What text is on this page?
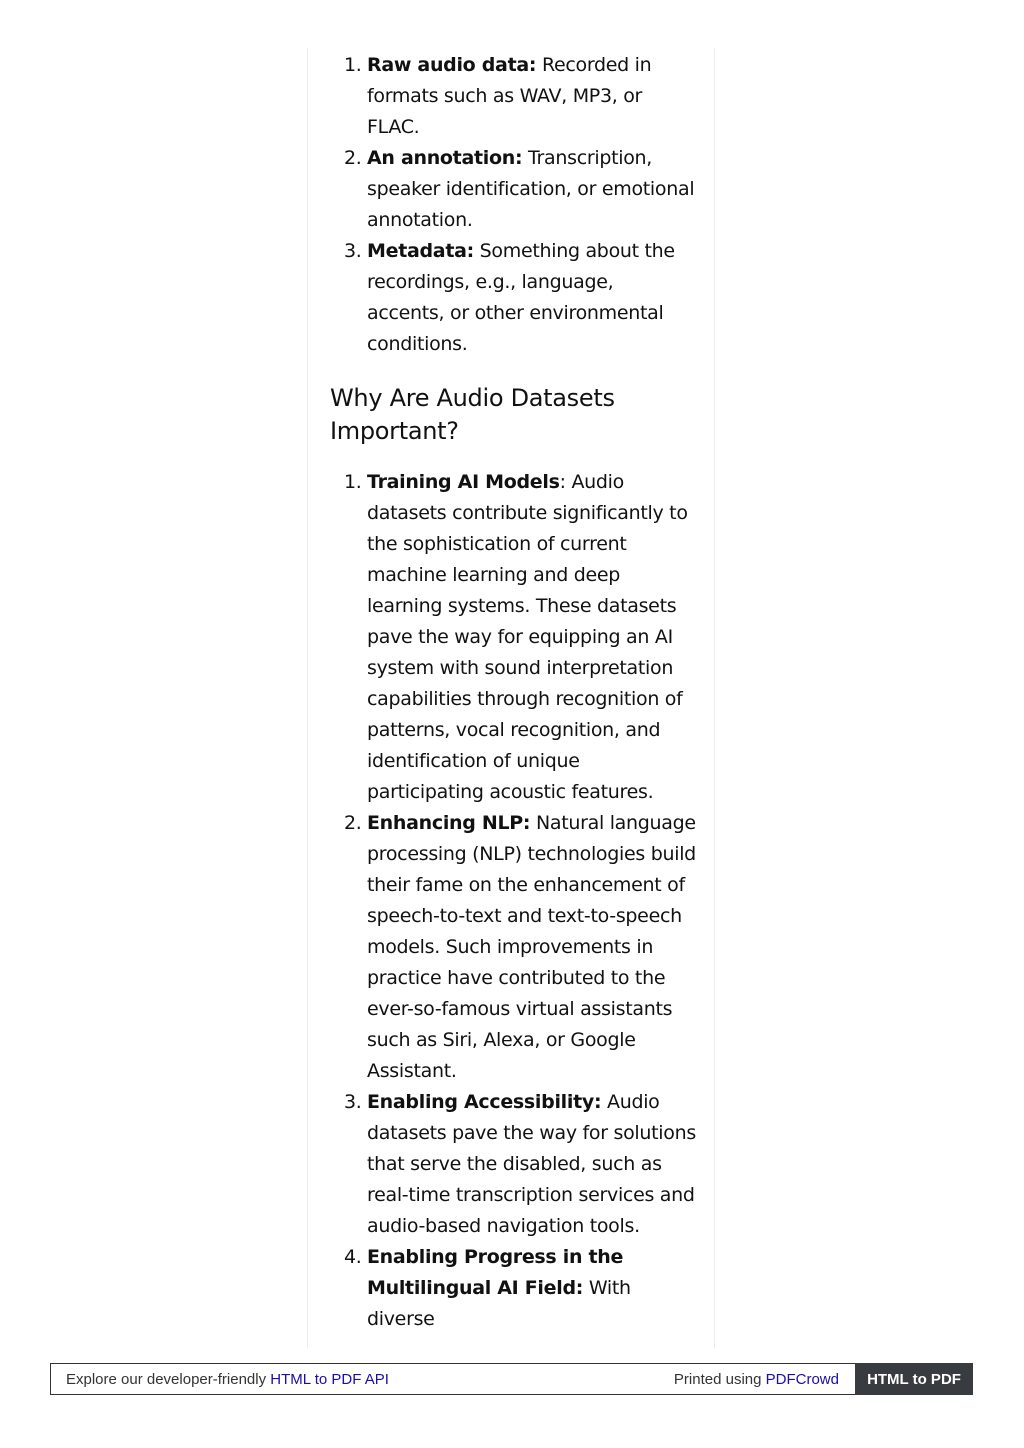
1. Raw audio data: Recorded in formats such as WAV, MP3, or FLAC.
2. An annotation: Transcription, speaker identification, or emotional annotation.
3. Metadata: Something about the recordings, e.g., language, accents, or other environmental conditions.
Why Are Audio Datasets Important?
1. Training AI Models: Audio datasets contribute significantly to the sophistication of current machine learning and deep learning systems. These datasets pave the way for equipping an AI system with sound interpretation capabilities through recognition of patterns, vocal recognition, and identification of unique participating acoustic features.
2. Enhancing NLP: Natural language processing (NLP) technologies build their fame on the enhancement of speech-to-text and text-to-speech models. Such improvements in practice have contributed to the ever-so-famous virtual assistants such as Siri, Alexa, or Google Assistant.
3. Enabling Accessibility: Audio datasets pave the way for solutions that serve the disabled, such as real-time transcription services and audio-based navigation tools.
4. Enabling Progress in the Multilingual AI Field: With diverse
Explore our developer-friendly HTML to PDF API	Printed using PDFCrowd	HTML to PDF
